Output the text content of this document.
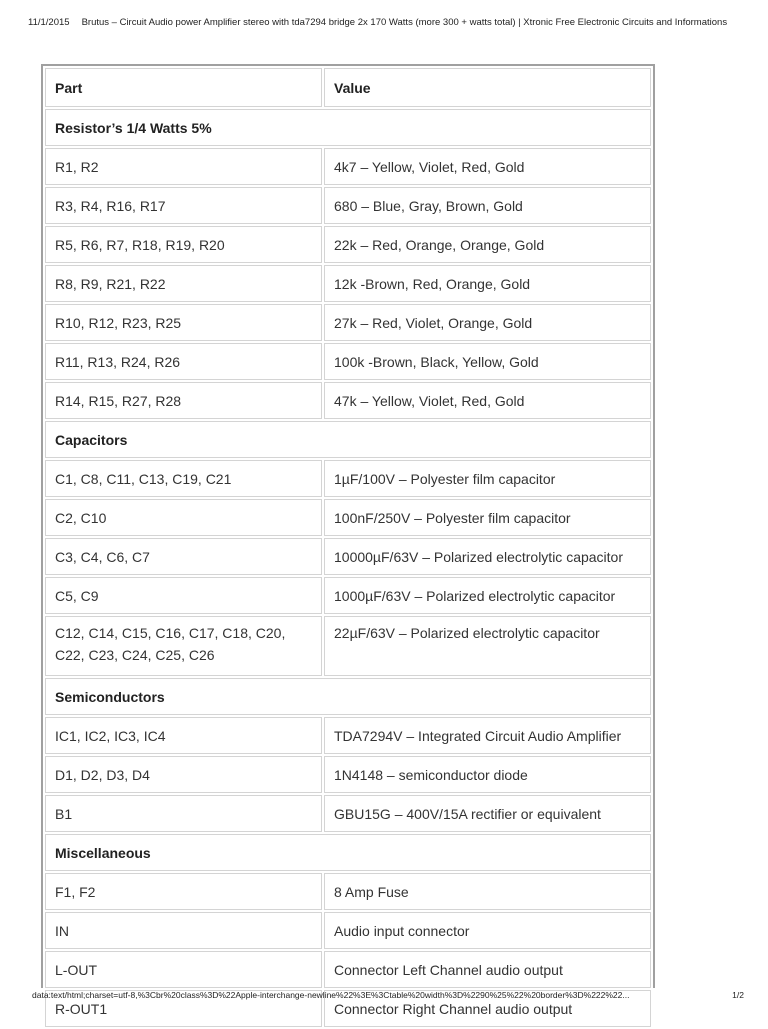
11/1/2015 Brutus – Circuit Audio power Amplifier stereo with tda7294 bridge 2x 170 Watts (more 300 + watts total) | Xtronic Free Electronic Circuits and Informations
Part	Value
Resistor’s 1/4 Watts 5%	
R1, R2	4k7 – Yellow, Violet, Red, Gold
R3, R4, R16, R17	680 – Blue, Gray, Brown, Gold
R5, R6, R7, R18, R19, R20	22k – Red, Orange, Orange, Gold
R8, R9, R21, R22	12k -Brown, Red, Orange, Gold
R10, R12, R23, R25	27k – Red, Violet, Orange, Gold
R11, R13, R24, R26	100k -Brown, Black, Yellow, Gold
R14, R15, R27, R28	47k – Yellow, Violet, Red, Gold
Capacitors	
C1, C8, C11, C13, C19, C21	1µF/100V – Polyester film capacitor
C2, C10	100nF/250V – Polyester film capacitor
C3, C4, C6, C7	10000µF/63V – Polarized electrolytic capacitor
C5, C9	1000µF/63V – Polarized electrolytic capacitor
C12, C14, C15, C16, C17, C18, C20, C22, C23, C24, C25, C26	22µF/63V – Polarized electrolytic capacitor
Semiconductors	
IC1, IC2, IC3, IC4	TDA7294V – Integrated Circuit Audio Amplifier
D1, D2, D3, D4	1N4148 – semiconductor diode
B1	GBU15G – 400V/15A rectifier or equivalent
Miscellaneous	
F1, F2	8 Amp Fuse
IN	Audio input connector
L-OUT	Connector Left Channel audio output
R-OUT1	Connector Right Channel audio output
data:text/html;charset=utf-8,%3Cbr%20class%3D%22Apple-interchange-newline%22%3E%3Ctable%20width%3D%2290%25%22%20border%3D%222%22...	1/2
